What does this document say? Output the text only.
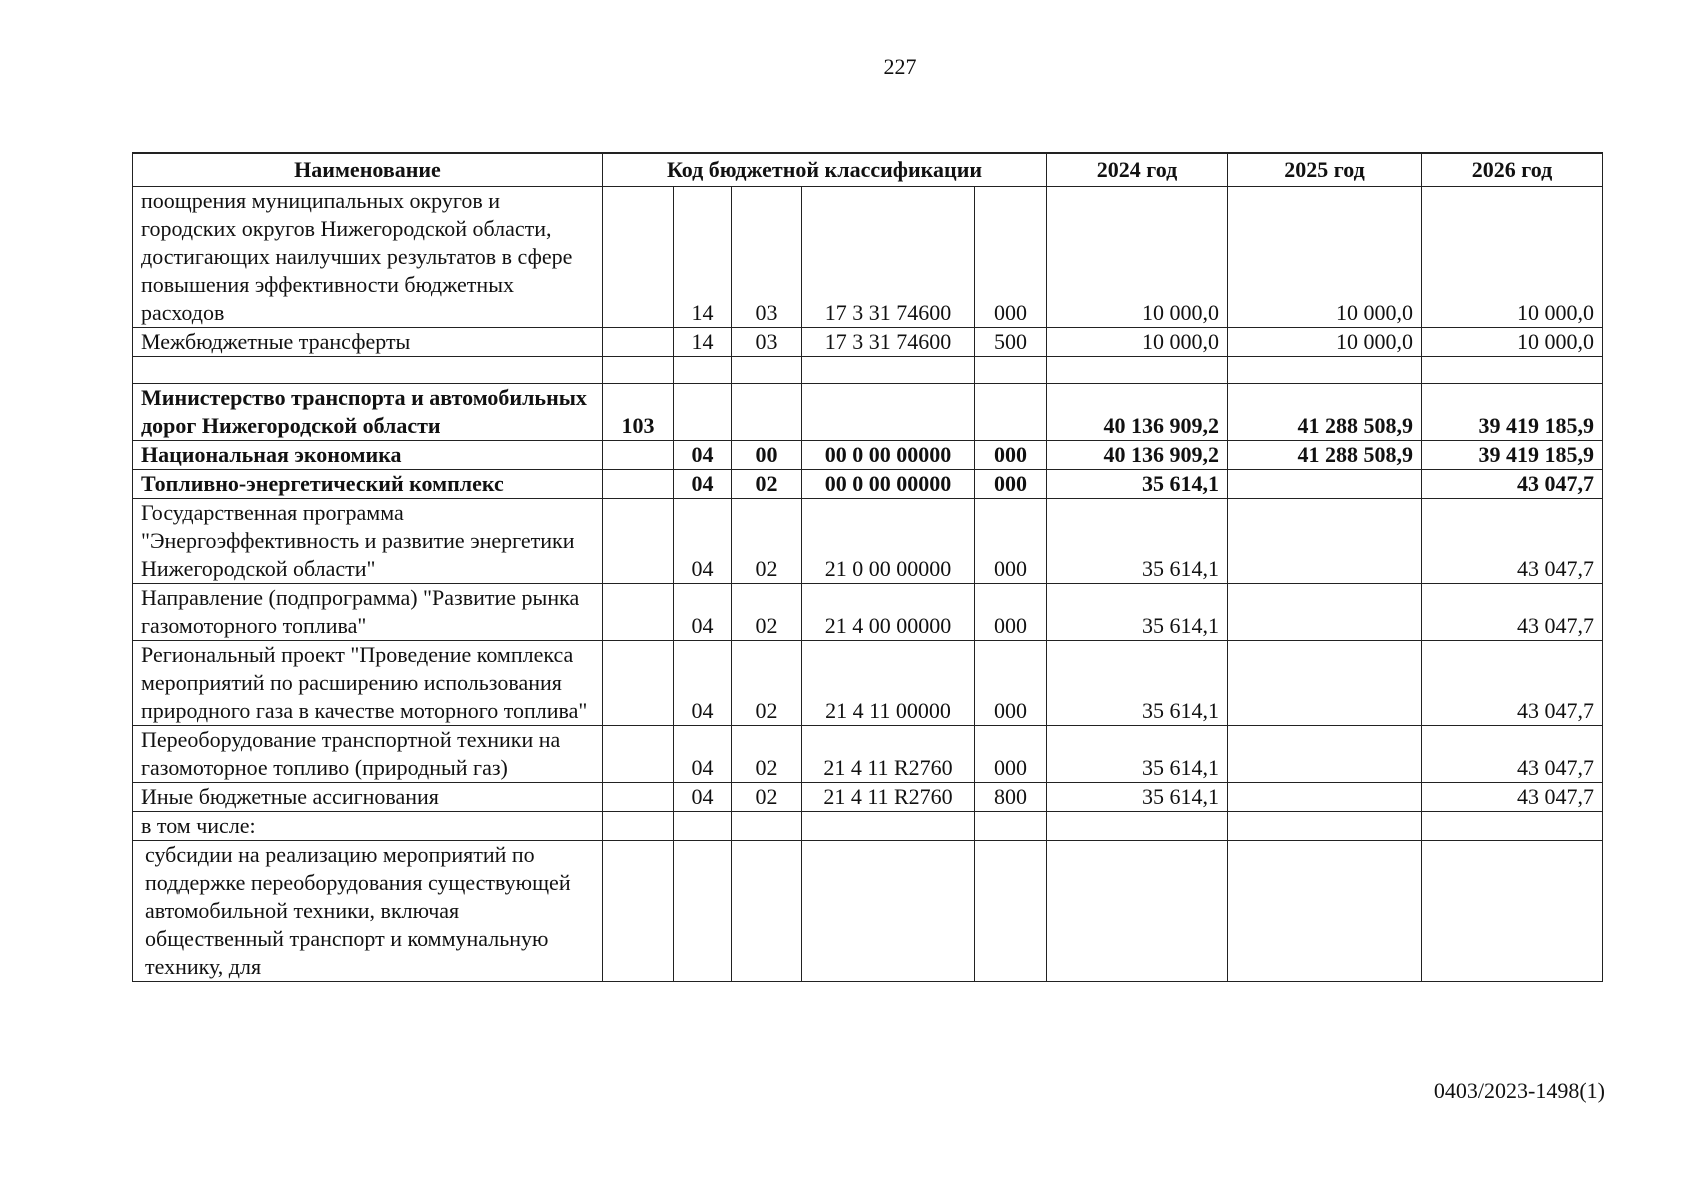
227
Наименование	Код бюджетной классификации					2024 год	2025 год	2026 год
поощрения муниципальных округов и городских округов Нижегородской области, достигающих наилучших результатов в сфере повышения эффективности бюджетных расходов		14	03	17 3 31 74600	000	10 000,0	10 000,0	10 000,0
Межбюджетные трансферты		14	03	17 3 31 74600	500	10 000,0	10 000,0	10 000,0

Министерство транспорта и автомобильных дорог Нижегородской области	103					40 136 909,2	41 288 508,9	39 419 185,9
Национальная экономика		04	00	00 0 00 00000	000	40 136 909,2	41 288 508,9	39 419 185,9
Топливно-энергетический комплекс		04	02	00 0 00 00000	000	35 614,1		43 047,7
Государственная программа "Энергоэффективность и развитие энергетики Нижегородской области"		04	02	21 0 00 00000	000	35 614,1		43 047,7
Направление (подпрограмма) "Развитие рынка газомоторного топлива"		04	02	21 4 00 00000	000	35 614,1		43 047,7
Региональный проект "Проведение комплекса мероприятий по расширению использования природного газа в качестве моторного топлива"		04	02	21 4 11 00000	000	35 614,1		43 047,7
Переоборудование транспортной техники на газомоторное топливо (природный газ)		04	02	21 4 11 R2760	000	35 614,1		43 047,7
Иные бюджетные ассигнования		04	02	21 4 11 R2760	800	35 614,1		43 047,7
в том числе:								
субсидии на реализацию мероприятий по поддержке переоборудования существующей автомобильной техники, включая общественный транспорт и коммунальную технику, для								
0403/2023-1498(1)
